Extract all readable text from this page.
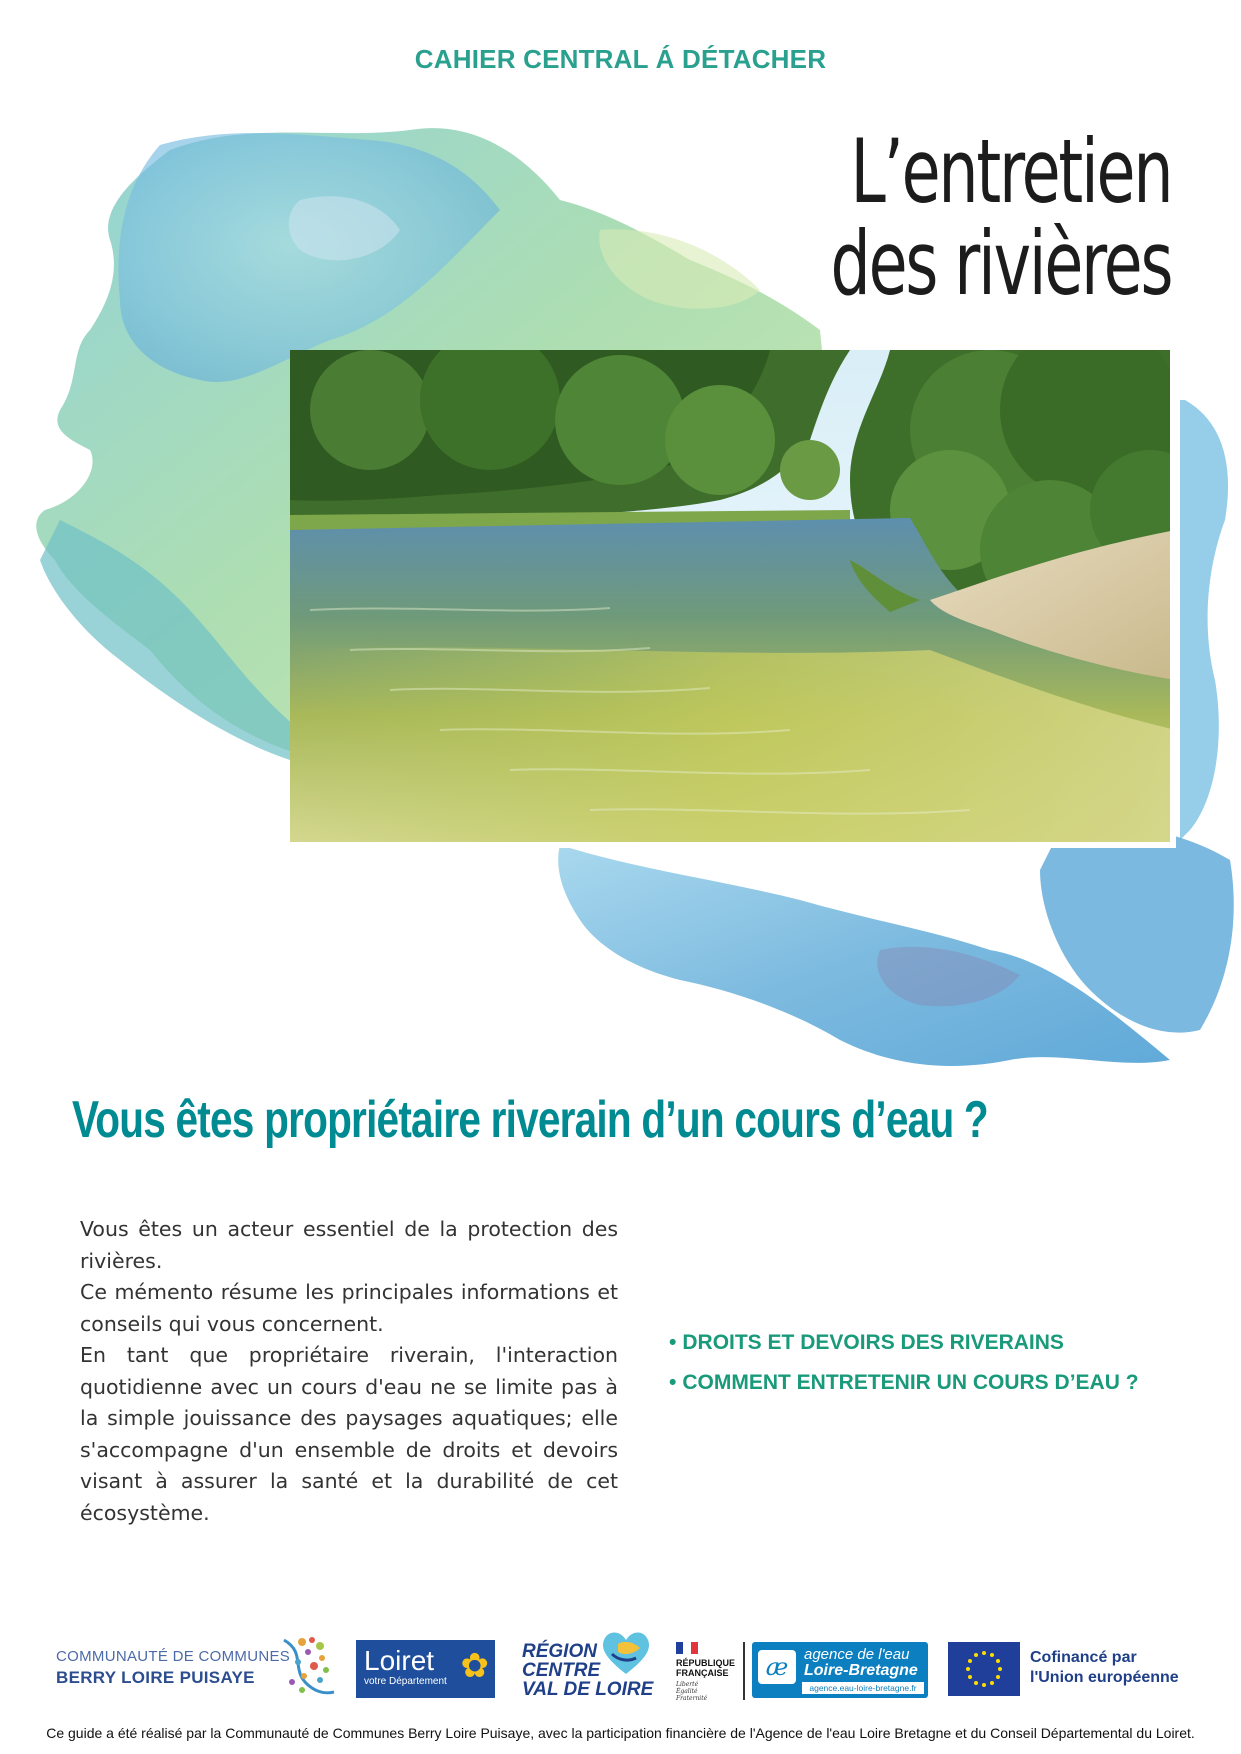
CAHIER CENTRAL Á DÉTACHER
L’entretien
des rivières
Vous êtes propriétaire riverain d’un cours d’eau ?

Vous êtes un acteur essentiel de la protection des rivières.

Ce mémento résume les principales informations et conseils qui vous concernent.

En tant que propriétaire riverain, l'interaction quotidienne avec un cours d'eau ne se limite pas à la simple jouissance des paysages aquatiques; elle s'accompagne d'un ensemble de droits et devoirs visant à assurer la santé et la durabilité de cet écosystème.

• DROITS ET DEVOIRS DES RIVERAINS
• COMMENT ENTRETENIR UN COURS D’EAU ?
COMMUNAUTÉ DE COMMUNES
BERRY LOIRE PUISAYE
Loiret
votre Département ✿ RÉGION
CENTRE
VAL DE LOIRE
RÉPUBLIQUE
FRANÇAISE
Liberté
Égalité
Fraternité
æ	agence de l'eau
Loire-Bretagne
agence.eau-loire-bretagne.fr
Cofinancé par
l'Union européenne
Ce guide a été réalisé par la Communauté de Communes Berry Loire Puisaye, avec la participation financière de l'Agence de l'eau Loire Bretagne et du Conseil Départemental du Loiret.
